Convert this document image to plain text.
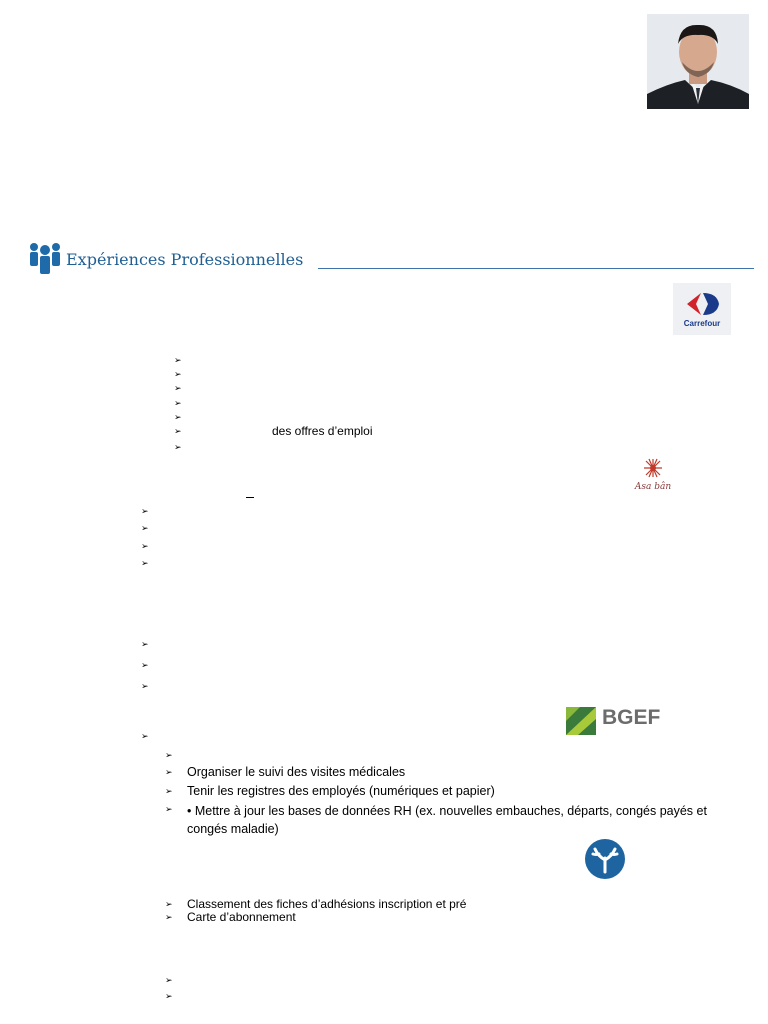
Expériences Professionnelles
Carrefour
Asa bân
BGEF
➢
➢
➢
➢
➢
➢	des offres d’emploi
➢
➢
➢
➢
➢
➢
➢
➢
➢
➢
➢ Organiser le suivi des visites médicales
➢ Tenir les registres des employés (numériques et papier)
➢ • Mettre à jour les bases de données RH (ex. nouvelles embauches, départs, congés payés et congés maladie)
➢ Classement des fiches d’adhésions inscription et pré
➢ Carte d’abonnement
➢
➢
